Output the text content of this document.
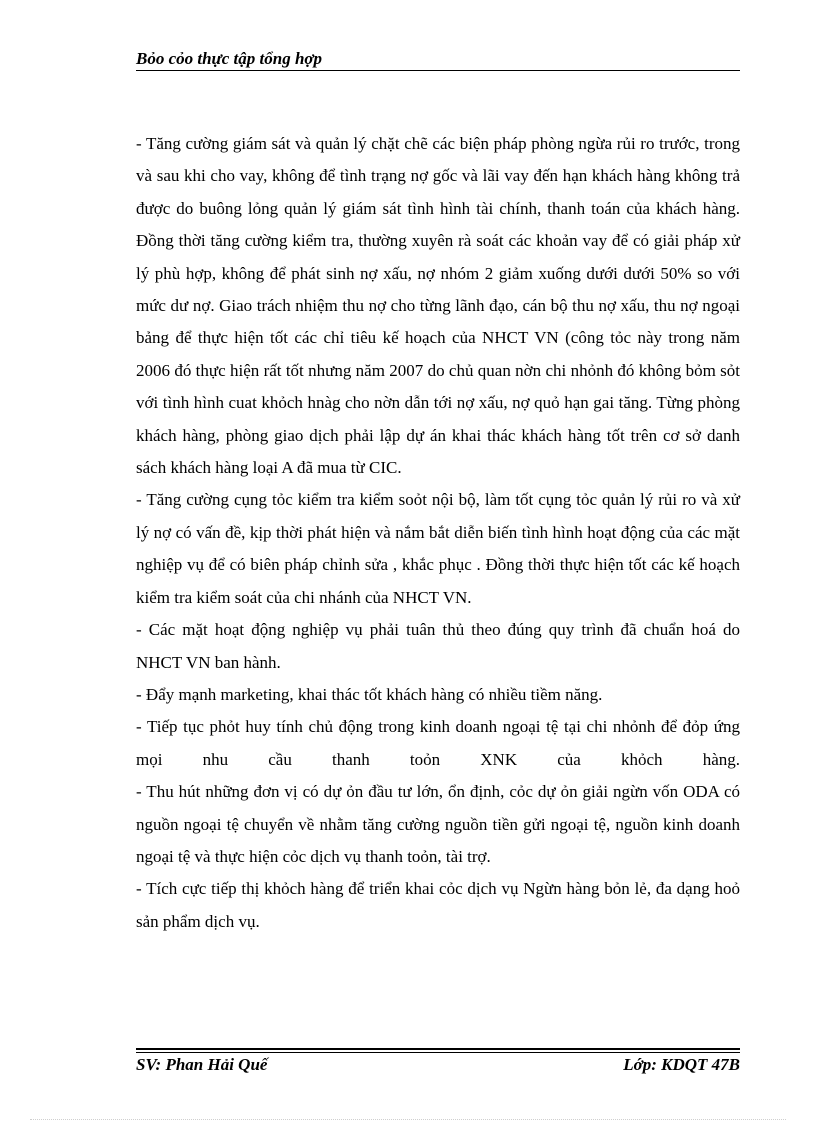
Bỏo cỏo thực tập tổng hợp

- Tăng cường giám sát và quản lý chặt chẽ các biện pháp phòng ngừa rủi ro trước, trong và sau khi cho vay, không để tình trạng nợ gốc và lãi vay đến hạn khách hàng không trả được do buông lỏng quản lý giám sát tình hình tài chính, thanh toán của khách hàng. Đồng thời tăng cường kiểm tra, thường xuyên rà soát các khoản vay để có giải pháp xử lý phù hợp, không để phát sinh nợ xấu, nợ nhóm 2 giảm xuống dưới dưới 50% so với mức dư nợ. Giao trách nhiệm thu nợ cho từng lãnh đạo, cán bộ thu nợ xấu, thu nợ ngoại bảng để thực hiện tốt các chỉ tiêu kế hoạch của NHCT VN (công tỏc này trong năm 2006 đó thực hiện rất tốt nhưng năm 2007 do chủ quan nờn chi nhỏnh đó không bỏm sỏt với tình hình cuat khỏch hnàg cho nờn dẫn tới nợ xấu, nợ quỏ hạn gai tăng. Từng phòng khách hàng, phòng giao dịch phải lập dự án khai thác khách hàng tốt trên cơ sở danh sách khách hàng loại A đã mua từ CIC.

- Tăng cường cụng tỏc kiểm tra kiểm soỏt nội bộ, làm tốt cụng tỏc quản lý rủi ro và xử lý nợ có vấn đề, kịp thời phát hiện và nắm bắt diễn biến tình hình hoạt động của các mặt nghiệp vụ để có biên pháp chỉnh sửa , khắc phục . Đồng thời thực hiện tốt các kế hoạch kiểm tra kiểm soát của chi nhánh của NHCT VN.

- Các mặt hoạt động nghiệp vụ phải tuân thủ theo đúng quy trình đã chuẩn hoá do NHCT VN ban hành.

- Đẩy mạnh marketing, khai thác tốt khách hàng có nhiều tiềm năng.

- Tiếp tục phỏt huy tính chủ động trong kinh doanh ngoại tệ tại chi nhỏnh để đỏp ứng mọi nhu cầu thanh toỏn XNK của khỏch hàng.

- Thu hút những đơn vị có dự ỏn đầu tư lớn, ổn định, cỏc dự ỏn giải ngừn vốn ODA có nguồn ngoại tệ chuyển về nhằm tăng cường nguồn tiền gửi ngoại tệ, nguồn kinh doanh ngoại tệ và thực hiện cỏc dịch vụ thanh toỏn, tài trợ.

- Tích cực tiếp thị khỏch hàng để triển khai cỏc dịch vụ Ngừn hàng bỏn lẻ, đa dạng hoỏ sản phẩm dịch vụ.

SV: Phan Hải Quế	Lớp: KDQT 47B
